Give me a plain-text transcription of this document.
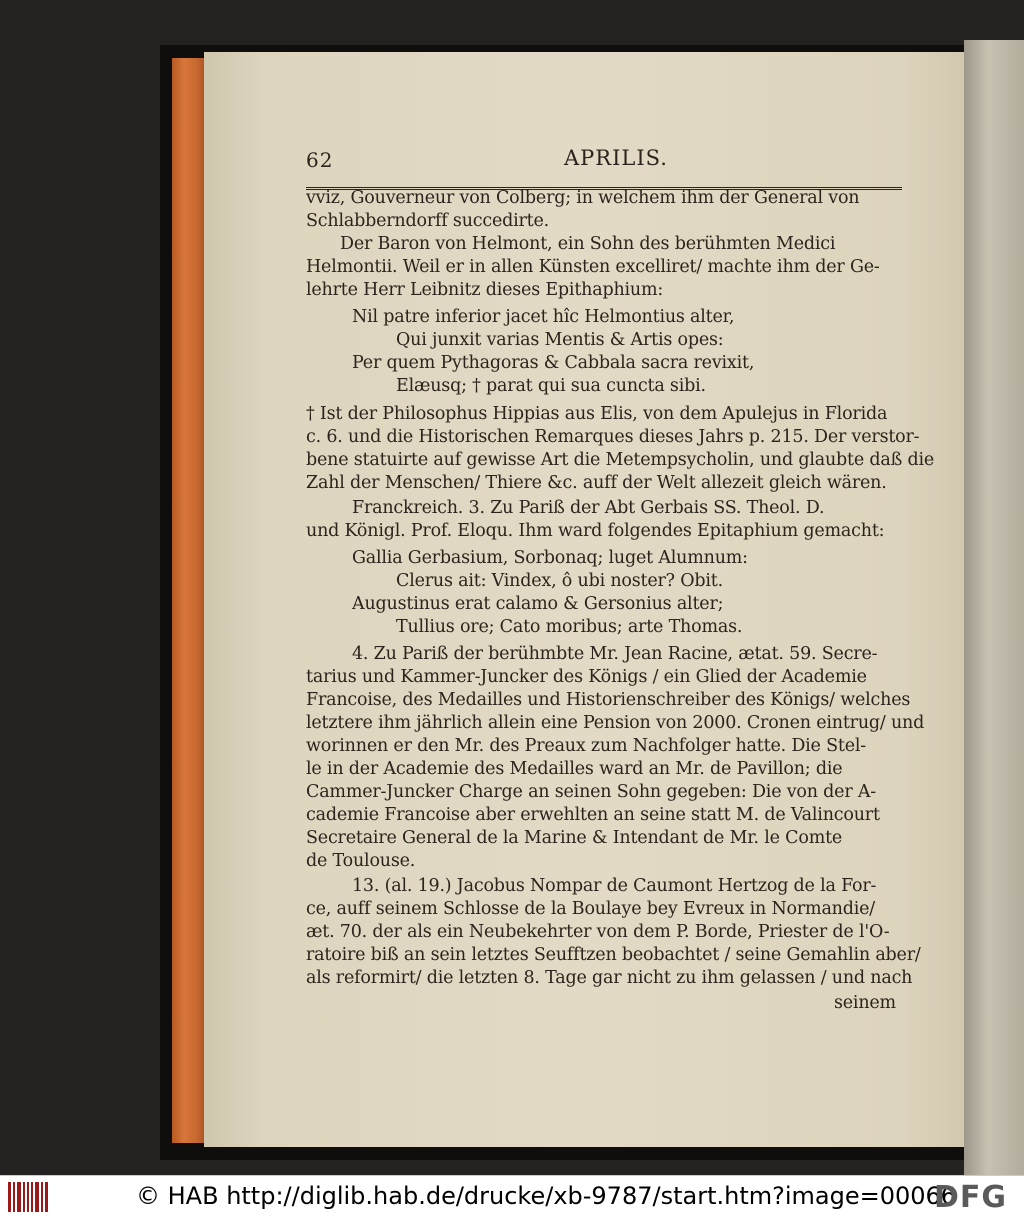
62	APRILIS.
vviz, Gouverneur von Colberg; in welchem ihm der General von
Schlabberndorff succedirte.
Der Baron von Helmont, ein Sohn des berühmten Medici
Helmontii. Weil er in allen Künsten excelliret/ machte ihm der Ge-
lehrte Herr Leibnitz dieses Epithaphium:
Nil patre inferior jacet hîc Helmontius alter,
Qui junxit varias Mentis & Artis opes:
Per quem Pythagoras & Cabbala sacra revixit,
Elæusq; † parat qui sua cuncta sibi.
† Ist der Philosophus Hippias aus Elis, von dem Apulejus in Florida
c. 6. und die Historischen Remarques dieses Jahrs p. 215. Der verstor-
bene statuirte auf gewisse Art die Metempsycholin, und glaubte daß die
Zahl der Menschen/ Thiere &c. auff der Welt allezeit gleich wären.
Franckreich. 3. Zu Pariß der Abt Gerbais SS. Theol. D.
und Königl. Prof. Eloqu. Ihm ward folgendes Epitaphium gemacht:
Gallia Gerbasium, Sorbonaq; luget Alumnum:
Clerus ait: Vindex, ô ubi noster? Obit.
Augustinus erat calamo & Gersonius alter;
Tullius ore; Cato moribus; arte Thomas.
4. Zu Pariß der berühmbte Mr. Jean Racine, ætat. 59. Secre-
tarius und Kammer-Juncker des Königs / ein Glied der Academie
Francoise, des Medailles und Historienschreiber des Königs/ welches
letztere ihm jährlich allein eine Pension von 2000. Cronen eintrug/ und
worinnen er den Mr. des Preaux zum Nachfolger hatte. Die Stel-
le in der Academie des Medailles ward an Mr. de Pavillon; die
Cammer-Juncker Charge an seinen Sohn gegeben: Die von der A-
cademie Francoise aber erwehlten an seine statt M. de Valincourt
Secretaire General de la Marine & Intendant de Mr. le Comte
de Toulouse.
13. (al. 19.) Jacobus Nompar de Caumont Hertzog de la For-
ce, auff seinem Schlosse de la Boulaye bey Evreux in Normandie/
æt. 70. der als ein Neubekehrter von dem P. Borde, Priester de l'O-
ratoire biß an sein letztes Seufftzen beobachtet / seine Gemahlin aber/
als reformirt/ die letzten 8. Tage gar nicht zu ihm gelassen / und nach
seinem
© HAB http://diglib.hab.de/drucke/xb-9787/start.htm?image=00066
DFG
